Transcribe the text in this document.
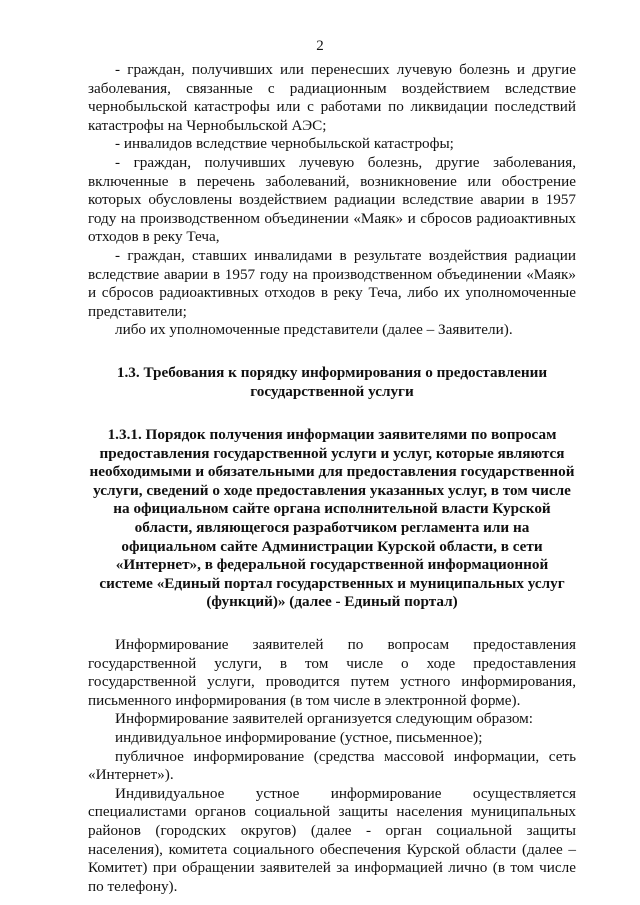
2

- граждан, получивших или перенесших лучевую болезнь и другие заболевания, связанные с радиационным воздействием вследствие чернобыльской катастрофы или с работами по ликвидации последствий катастрофы на Чернобыльской АЭС;

- инвалидов вследствие чернобыльской катастрофы;

- граждан, получивших лучевую болезнь, другие заболевания, включенные в перечень заболеваний, возникновение или обострение которых обусловлены воздействием радиации вследствие аварии в 1957 году на производственном объединении «Маяк» и сбросов радиоактивных отходов в реку Теча,

- граждан, ставших инвалидами в результате воздействия радиации вследствие аварии в 1957 году на производственном объединении «Маяк» и сбросов радиоактивных отходов в реку Теча, либо их уполномоченные представители;

либо их уполномоченные представители (далее – Заявители).

1.3. Требования к порядку информирования о предоставлении государственной услуги

1.3.1. Порядок получения информации заявителями по вопросам предоставления государственной услуги и услуг, которые являются необходимыми и обязательными для предоставления государственной услуги, сведений о ходе предоставления указанных услуг, в том числе на официальном сайте органа исполнительной власти Курской области, являющегося разработчиком регламента или на официальном сайте Администрации Курской области, в сети «Интернет», в федеральной государственной информационной системе «Единый портал государственных и муниципальных услуг (функций)» (далее - Единый портал)

Информирование заявителей по вопросам предоставления государственной услуги, в том числе о ходе предоставления государственной услуги, проводится путем устного информирования, письменного информирования (в том числе в электронной форме).

Информирование заявителей организуется следующим образом:

индивидуальное информирование (устное, письменное);

публичное информирование (средства массовой информации, сеть «Интернет»).

Индивидуальное устное информирование осуществляется специалистами органов социальной защиты населения муниципальных районов (городских округов) (далее - орган социальной защиты населения), комитета социального обеспечения Курской области (далее – Комитет) при обращении заявителей за информацией лично (в том числе по телефону).
